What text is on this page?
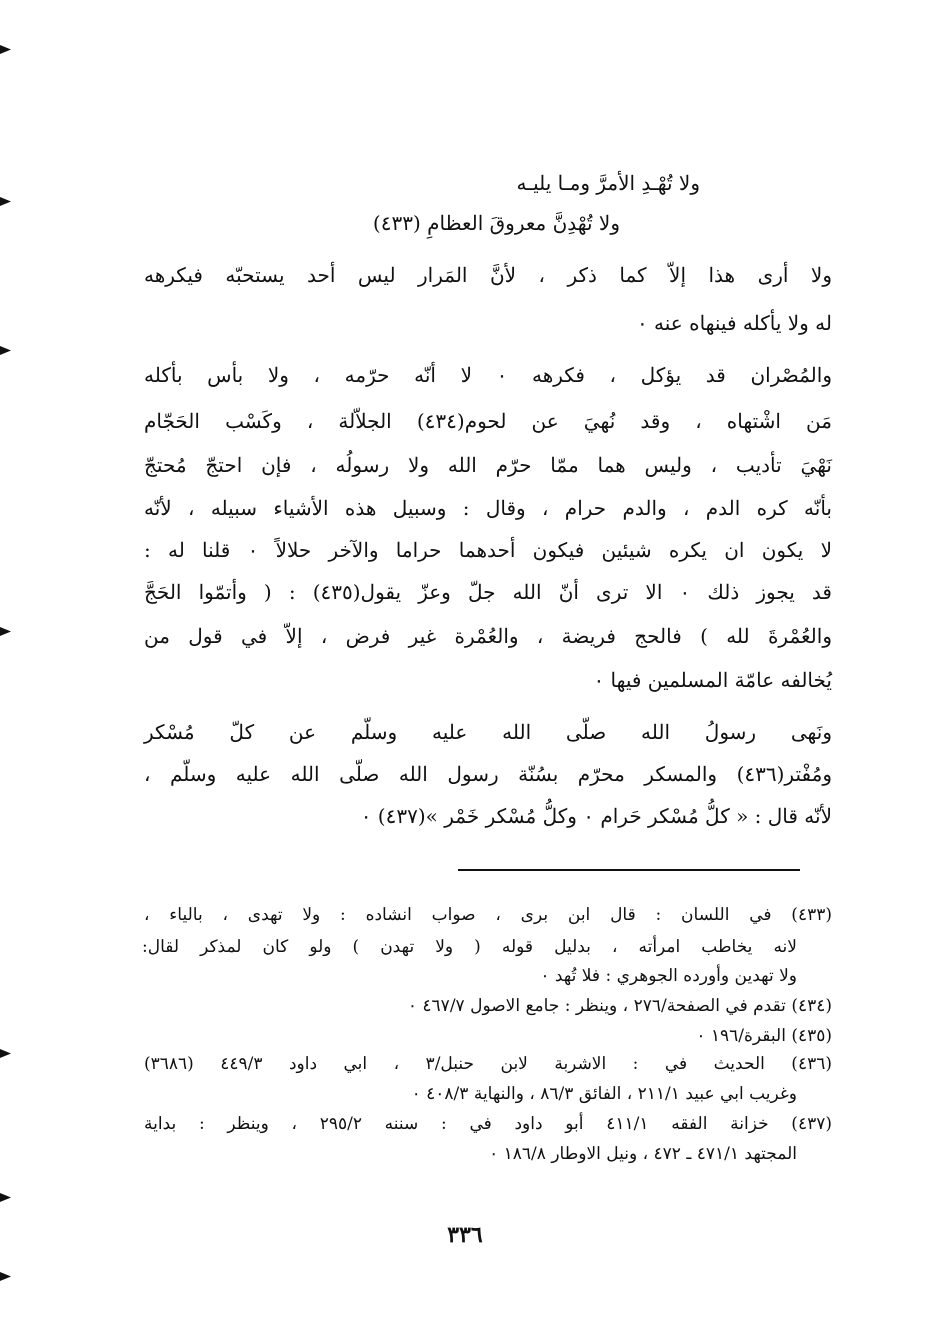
ولا تُهْـدِ الأمرَّ ومـا يليـه
ولا تُهْدِنَّ معروقَ العظامِ (٤٣٣)
ولا أرى هذا إلاّ كما ذكر ، لأنَّ المَرار ليس أحد يستحبّه فيكرهه
له ولا يأكله فينهاه عنه ٠
والمُصْران قد يؤكل ، فكرهه ٠ لا أنّه حرّمه ، ولا بأس بأكله
مَن اشْتهاه ، وقد نُهيَ عن لحوم(٤٣٤) الجلاّلة ، وكَسْب الحَجّام
نَهْيَ تأديب ، وليس هما ممّا حرّم الله ولا رسولُه ، فإن احتجّ مُحتجّ
بأنّه كره الدم ، والدم حرام ، وقال : وسبيل هذه الأشياء سبيله ، لأنّه
لا يكون ان يكره شيئين فيكون أحدهما حراما والآخر حلالاً ٠ قلنا له :
قد يجوز ذلك ٠ الا ترى أنّ الله جلّ وعزّ يقول(٤٣٥) : ( وأتمّوا الحَجَّ
والعُمْرةَ لله ) فالحج فريضة ، والعُمْرة غير فرض ، إلاّ في قول من
يُخالفه عامّة المسلمين فيها ٠
ونَهى رسولُ الله صلّى الله عليه وسلّم عن كلّ مُسْكر
ومُفْتر(٤٣٦) والمسكر محرّم بسُنّة رسول الله صلّى الله عليه وسلّم ،
لأنّه قال : « كلُّ مُسْكر حَرام ٠ وكلُّ مُسْكر خَمْر »(٤٣٧) ٠
(٤٣٣) في اللسان : قال ابن برى ، صواب انشاده : ولا تهدى ، بالياء ،
لانه يخاطب امرأته ، بدليل قوله ( ولا تهدن ) ولو كان لمذكر لقال:
ولا تهدين وأورده الجوهري : فلا تُهد ٠
(٤٣٤) تقدم في الصفحة/٢٧٦ ، وينظر : جامع الاصول ٤٦٧/٧ ٠
(٤٣٥) البقرة/١٩٦ ٠
(٤٣٦) الحديث في : الاشربة لابن حنبل/٣ ، ابي داود ٤٤٩/٣ (٣٦٨٦)
وغريب ابي عبيد ٢١١/١ ، الفائق ٨٦/٣ ، والنهاية ٤٠٨/٣ ٠
(٤٣٧) خزانة الفقه ٤١١/١ أبو داود في : سننه ٢٩٥/٢ ، وينظر : بداية
المجتهد ٤٧١/١ ـ ٤٧٢ ، ونيل الاوطار ١٨٦/٨ ٠
٣٣٦
